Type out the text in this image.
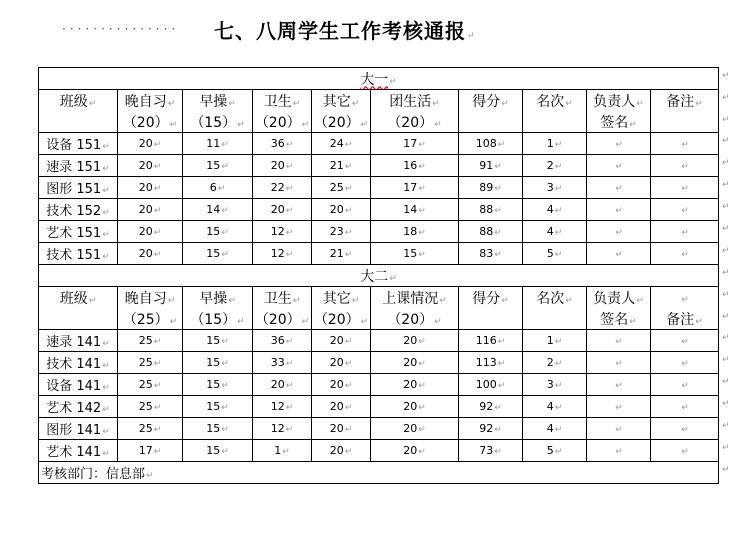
··············· 七、八周学生工作考核通报↵
大一↵									
班级↵	晚自习↵	早操↵	卫生↵	其它↵	团生活↵	得分↵	名次↵	负责人↵	备注↵
	（20）↵	（15）↵	（20）↵	（20）↵	（20）↵			签名↵	
设备 151↵	20↵	11↵	36↵	24↵	17↵	108↵	1↵	↵	↵
速录 151↵	20↵	15↵	20↵	21↵	16↵	91↵	2↵	↵	↵
图形 151↵	20↵	6↵	22↵	25↵	17↵	89↵	3↵	↵	↵
技术 152↵	20↵	14↵	20↵	20↵	14↵	88↵	4↵	↵	↵
艺术 151↵	20↵	15↵	12↵	23↵	18↵	88↵	4↵	↵	↵
技术 151↵	20↵	15↵	12↵	21↵	15↵	83↵	5↵	↵	↵
大二↵									
班级↵	晚自习↵	早操↵	卫生↵	其它↵	上课情况↵	得分↵	名次↵	负责人↵	↵
	（25）↵	（15）↵	（20）↵	（20）↵	（20）↵			签名↵	备注↵
速录 141↵	25↵	15↵	36↵	20↵	20↵	116↵	1↵	↵	↵
技术 141↵	25↵	15↵	33↵	20↵	20↵	113↵	2↵	↵	↵
设备 141↵	25↵	15↵	20↵	20↵	20↵	100↵	3↵	↵	↵
艺术 142↵	25↵	15↵	12↵	20↵	20↵	92↵	4↵	↵	↵
图形 141↵	25↵	15↵	12↵	20↵	20↵	92↵	4↵	↵	↵
艺术 141↵	17↵	15↵	1↵	20↵	20↵	73↵	5↵	↵	↵
考核部门：信息部↵									
↵
↵
↵
↵
↵
↵
↵
↵
↵
↵
↵
↵
↵
↵
↵
↵
↵
↵
↵
